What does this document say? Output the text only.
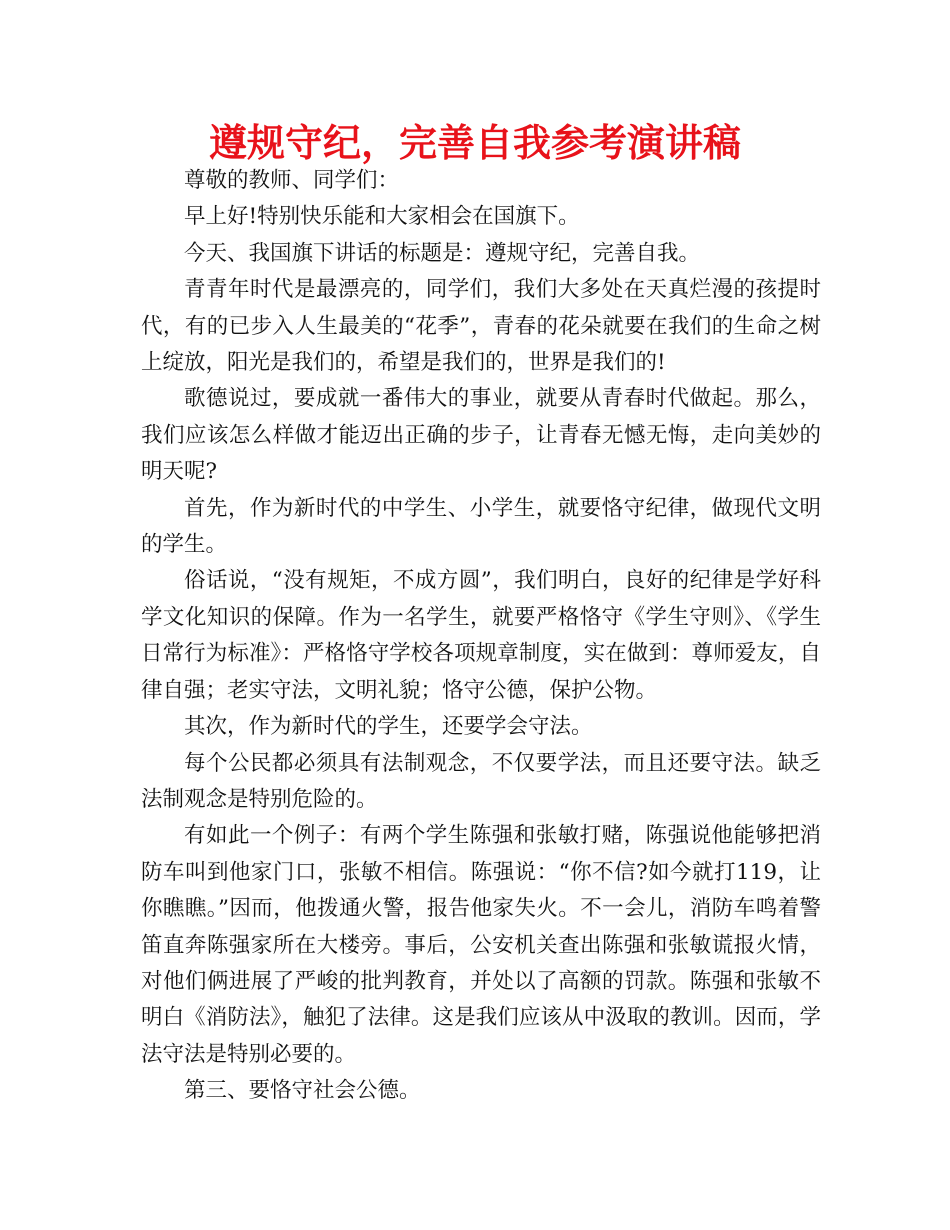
遵规守纪，完善自我参考演讲稿

尊敬的教师、同学们：

早上好!特别快乐能和大家相会在国旗下。

今天、我国旗下讲话的标题是：遵规守纪，完善自我。

青青年时代是最漂亮的，同学们，我们大多处在天真烂漫的孩提时代，有的已步入人生最美的“花季”，青春的花朵就要在我们的生命之树上绽放，阳光是我们的，希望是我们的，世界是我们的!

歌德说过，要成就一番伟大的事业，就要从青春时代做起。那么，我们应该怎么样做才能迈出正确的步子，让青春无憾无悔，走向美妙的明天呢?

首先，作为新时代的中学生、小学生，就要恪守纪律，做现代文明的学生。

俗话说，“没有规矩，不成方圆”，我们明白，良好的纪律是学好科学文化知识的保障。作为一名学生，就要严格恪守《学生守则》、《学生日常行为标准》：严格恪守学校各项规章制度，实在做到：尊师爱友，自律自强；老实守法，文明礼貌；恪守公德，保护公物。

其次，作为新时代的学生，还要学会守法。

每个公民都必须具有法制观念，不仅要学法，而且还要守法。缺乏法制观念是特别危险的。

有如此一个例子：有两个学生陈强和张敏打赌，陈强说他能够把消防车叫到他家门口，张敏不相信。陈强说：“你不信?如今就打119，让你瞧瞧。”因而，他拨通火警，报告他家失火。不一会儿，消防车鸣着警笛直奔陈强家所在大楼旁。事后，公安机关查出陈强和张敏谎报火情，对他们俩进展了严峻的批判教育，并处以了高额的罚款。陈强和张敏不明白《消防法》，触犯了法律。这是我们应该从中汲取的教训。因而，学法守法是特别必要的。

第三、要恪守社会公德。
